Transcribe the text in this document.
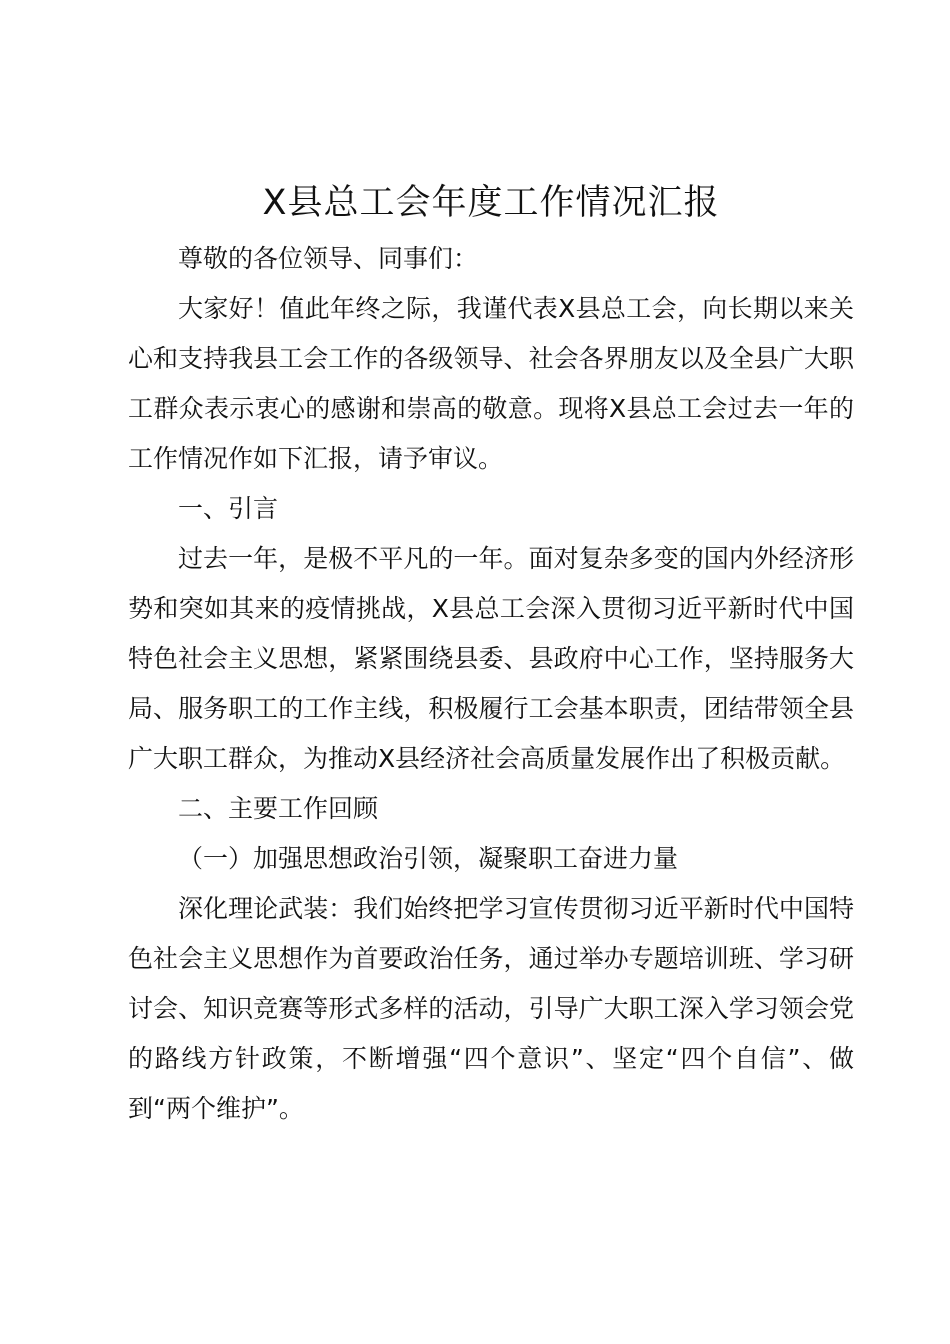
X县总工会年度工作情况汇报

尊敬的各位领导、同事们：

大家好！值此年终之际，我谨代表X县总工会，向长期以来关心和支持我县工会工作的各级领导、社会各界朋友以及全县广大职工群众表示衷心的感谢和崇高的敬意。现将X县总工会过去一年的工作情况作如下汇报，请予审议。

一、引言

过去一年，是极不平凡的一年。面对复杂多变的国内外经济形势和突如其来的疫情挑战，X县总工会深入贯彻习近平新时代中国特色社会主义思想，紧紧围绕县委、县政府中心工作，坚持服务大局、服务职工的工作主线，积极履行工会基本职责，团结带领全县广大职工群众，为推动X县经济社会高质量发展作出了积极贡献。

二、主要工作回顾

（一）加强思想政治引领，凝聚职工奋进力量

深化理论武装：我们始终把学习宣传贯彻习近平新时代中国特色社会主义思想作为首要政治任务，通过举办专题培训班、学习研讨会、知识竞赛等形式多样的活动，引导广大职工深入学习领会党的路线方针政策，不断增强“四个意识”、坚定“四个自信”、做到“两个维护”。
